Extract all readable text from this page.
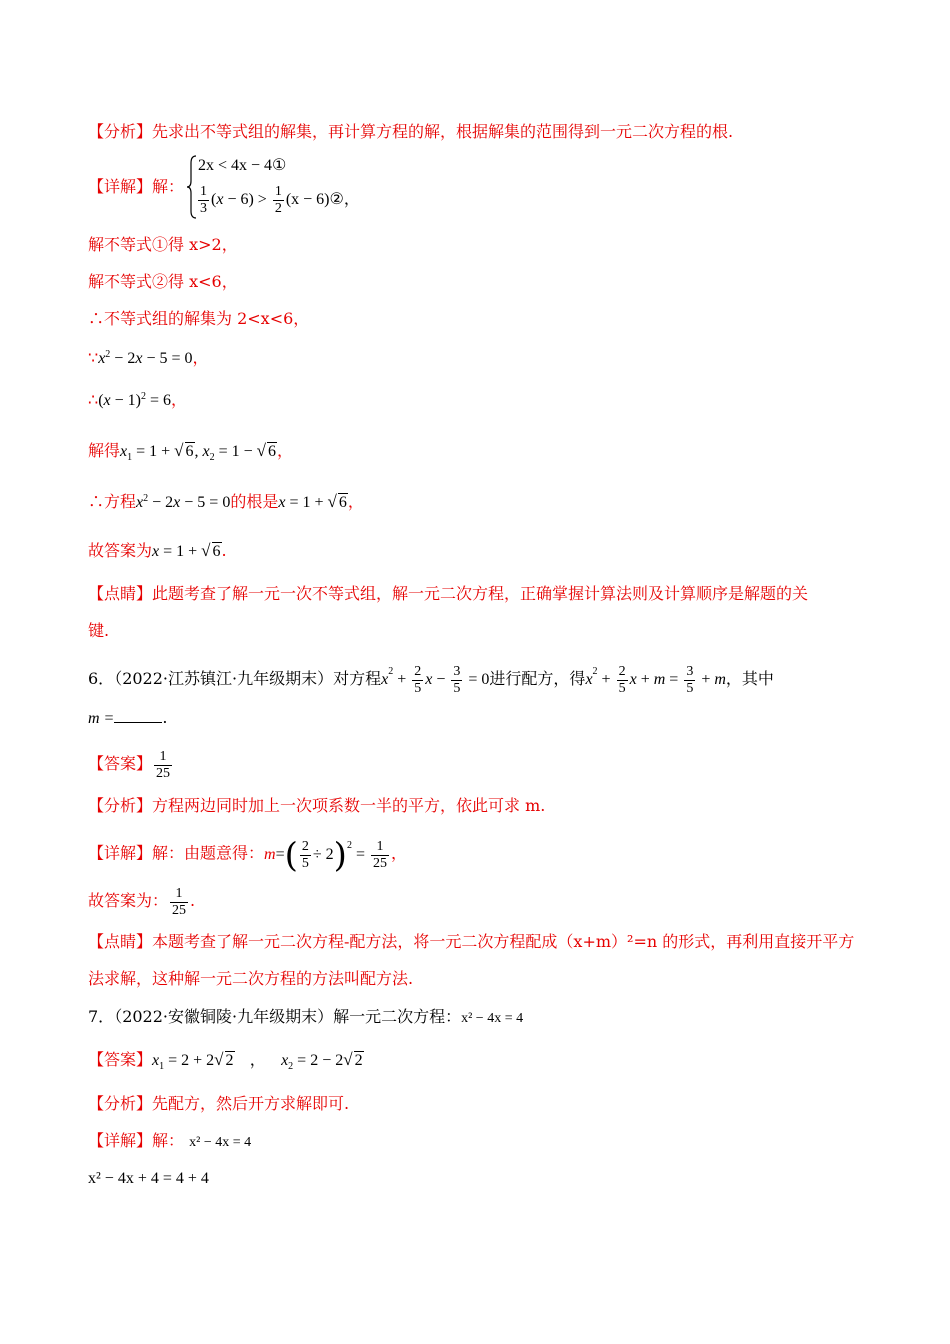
【分析】先求出不等式组的解集，再计算方程的解，根据解集的范围得到一元二次方程的根.
【详解】解：
2x < 4x − 4①
$\frac{1}{3} (x - 6) > \frac{1}{2} (x$ − 6)②，
解不等式①得 x>2，
解不等式②得 x<6，
∴不等式组的解集为 2<x<6，
$\because x^2 - 2x - 5 = 0$，
∴(x − 1)$^2$ = 6，
解得$x_1 = 1$ + √ 6, $x_2 = 1$ − √ 6，
∴方程$x^2 - 2x - 5 = 0$的根是x = 1 + √ 6，
故答案为x = 1 + √ 6.
【点睛】此题考查了解一元一次不等式组，解一元二次方程，正确掌握计算法则及计算顺序是解题的关
键.
6．（2022·江苏镇江·九年级期末）对方程$x^2 + \frac{2}{5}$ $x - \frac{3}{5} = 0$进行配方，得$x^2 + \frac{2}{5}$ $x + m = \frac{3}{5} + m$，其中
m =	.
【答案】 $\frac{1}{25}$
【分析】方程两边同时加上一次项系数一半的平方，依此可求 m.
【详解】解：由题意得：$m=( \frac{2}{5} \div 2)^2 = \frac{1}{25}$ ，
故答案为： $\frac{1}{25}$ .
【点睛】本题考查了解一元二次方程-配方法，将一元二次方程配成（x+m）²=n 的形式，再利用直接开平方
法求解，这种解一元二次方程的方法叫配方法.
7．（2022·安徽铜陵·九年级期末）解一元二次方程：x² − 4x = 4
【答案】$x_1 = 2 + 2√$ 2 ， $x_2 = 2 - 2√$ 2
【分析】先配方，然后开方求解即可.
【详解】解： x² − 4x = 4
x² − 4x + 4 = 4 + 4
